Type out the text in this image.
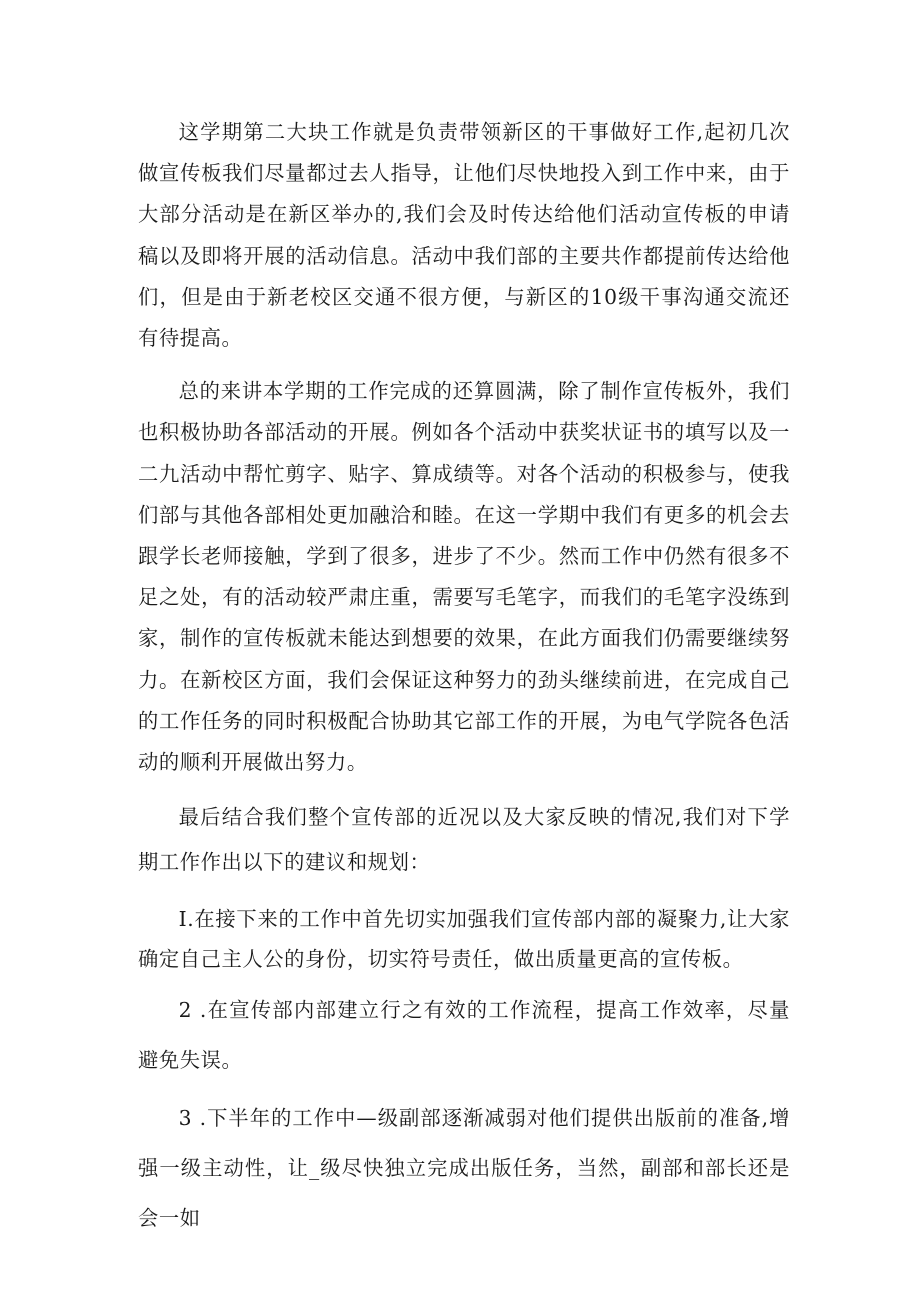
这学期第二大块工作就是负责带领新区的干事做好工作,起初几次做宣传板我们尽量都过去人指导，让他们尽快地投入到工作中来，由于大部分活动是在新区举办的,我们会及时传达给他们活动宣传板的申请稿以及即将开展的活动信息。活动中我们部的主要共作都提前传达给他们，但是由于新老校区交通不很方便，与新区的10级干事沟通交流还有待提高。

总的来讲本学期的工作完成的还算圆满，除了制作宣传板外，我们也积极协助各部活动的开展。例如各个活动中获奖状证书的填写以及一二九活动中帮忙剪字、贴字、算成绩等。对各个活动的积极参与，使我们部与其他各部相处更加融洽和睦。在这一学期中我们有更多的机会去跟学长老师接触，学到了很多，进步了不少。然而工作中仍然有很多不足之处，有的活动较严肃庄重，需要写毛笔字，而我们的毛笔字没练到家，制作的宣传板就未能达到想要的效果，在此方面我们仍需要继续努力。在新校区方面，我们会保证这种努力的劲头继续前进，在完成自己的工作任务的同时积极配合协助其它部工作的开展，为电气学院各色活动的顺利开展做出努力。

最后结合我们整个宣传部的近况以及大家反映的情况,我们对下学期工作作出以下的建议和规划：

I.在接下来的工作中首先切实加强我们宣传部内部的凝聚力,让大家确定自己主人公的身份，切实符号责任，做出质量更高的宣传板。

2 .在宣传部内部建立行之有效的工作流程，提高工作效率，尽量避免失误。

3 .下半年的工作中—级副部逐渐减弱对他们提供出版前的准备,增强一级主动性，让_级尽快独立完成出版任务，当然，副部和部长还是会一如
